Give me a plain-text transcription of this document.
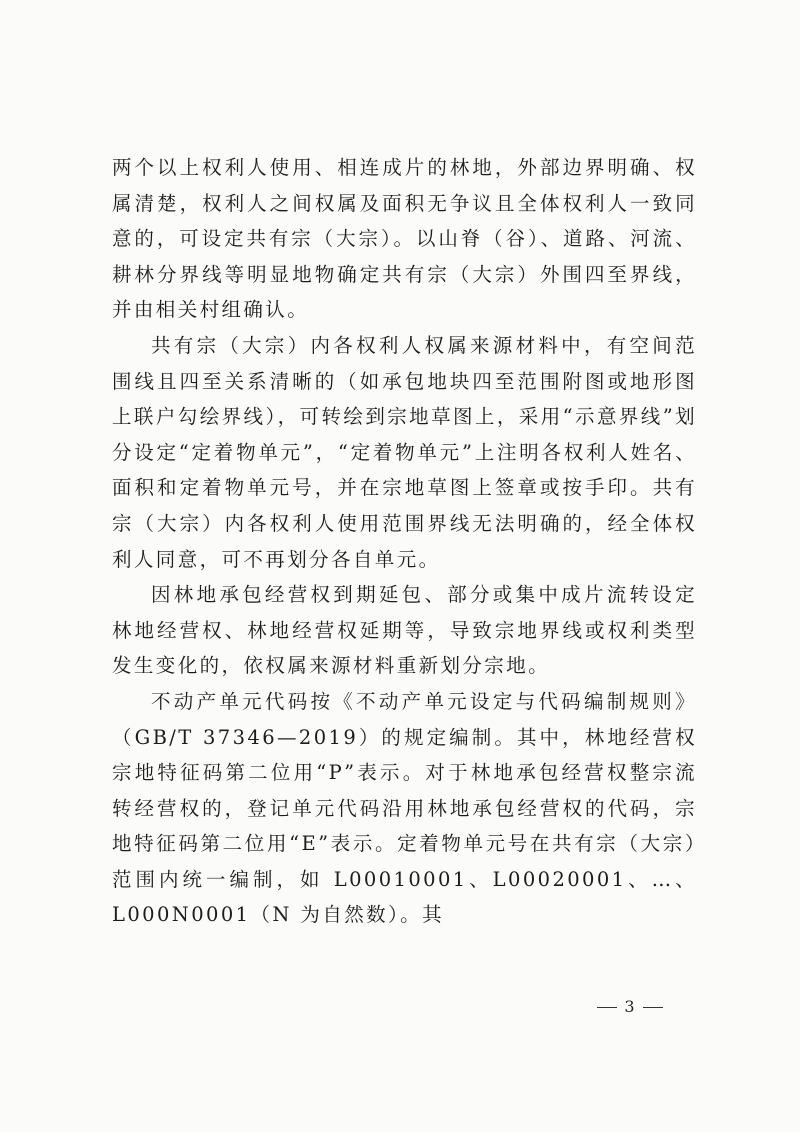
两个以上权利人使用、相连成片的林地，外部边界明确、权属清楚，权利人之间权属及面积无争议且全体权利人一致同意的，可设定共有宗（大宗）。以山脊（谷）、道路、河流、耕林分界线等明显地物确定共有宗（大宗）外围四至界线，并由相关村组确认。

共有宗（大宗）内各权利人权属来源材料中，有空间范围线且四至关系清晰的（如承包地块四至范围附图或地形图上联户勾绘界线），可转绘到宗地草图上，采用“示意界线”划分设定“定着物单元”，“定着物单元”上注明各权利人姓名、面积和定着物单元号，并在宗地草图上签章或按手印。共有宗（大宗）内各权利人使用范围界线无法明确的，经全体权利人同意，可不再划分各自单元。

因林地承包经营权到期延包、部分或集中成片流转设定林地经营权、林地经营权延期等，导致宗地界线或权利类型发生变化的，依权属来源材料重新划分宗地。

不动产单元代码按《不动产单元设定与代码编制规则》（GB/T 37346—2019）的规定编制。其中，林地经营权宗地特征码第二位用“P”表示。对于林地承包经营权整宗流转经营权的，登记单元代码沿用林地承包经营权的代码，宗地特征码第二位用“E”表示。定着物单元号在共有宗（大宗）范围内统一编制，如 L00010001、L00020001、…、L000N0001（N 为自然数）。其

3
